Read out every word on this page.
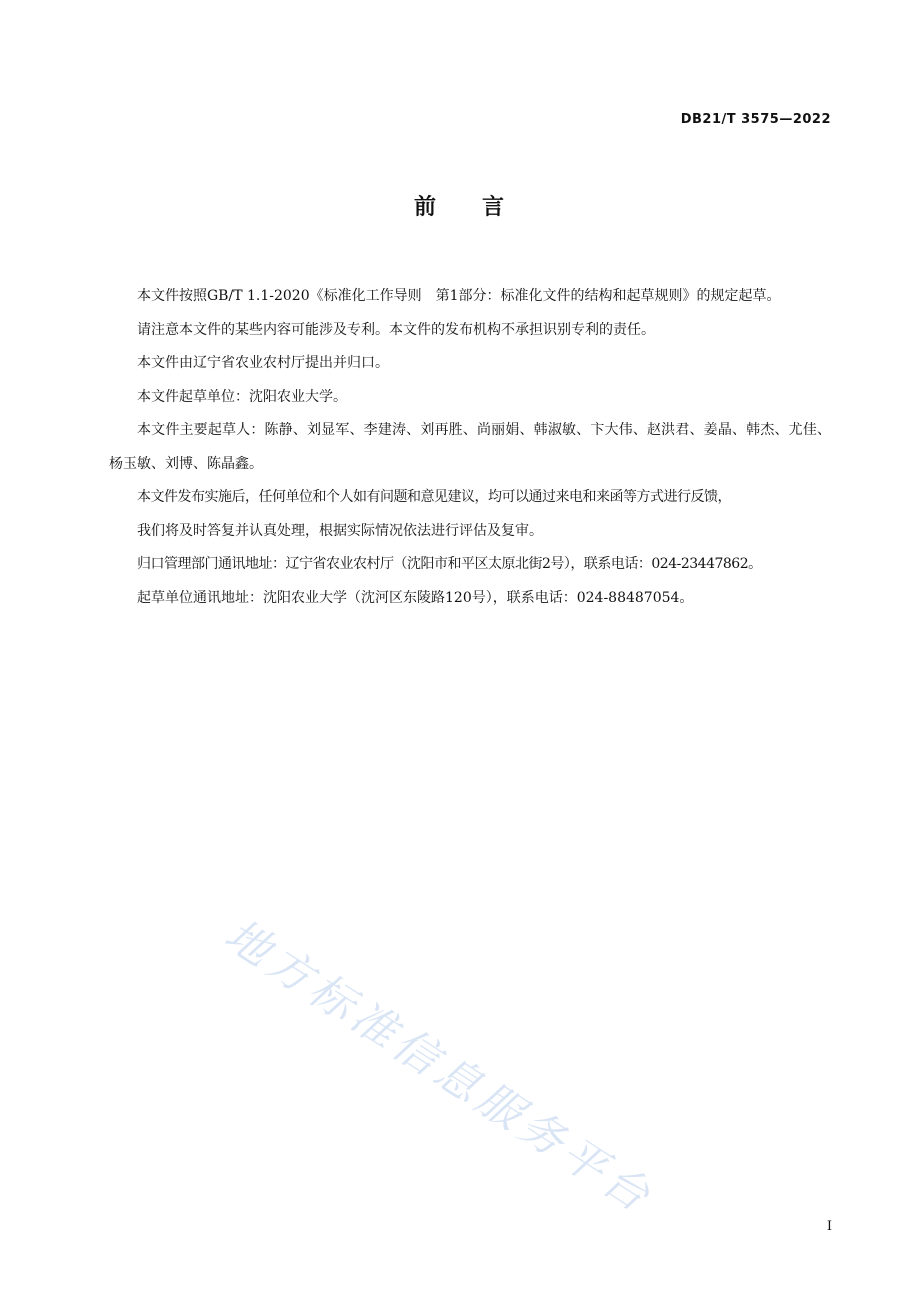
DB21/T 3575—2022
前 言

本文件按照GB/T 1.1-2020《标准化工作导则　第1部分：标准化文件的结构和起草规则》的规定起草。

请注意本文件的某些内容可能涉及专利。本文件的发布机构不承担识别专利的责任。

本文件由辽宁省农业农村厅提出并归口。

本文件起草单位：沈阳农业大学。

本文件主要起草人：陈静、刘显军、李建涛、刘再胜、尚丽娟、韩淑敏、卞大伟、赵洪君、姜晶、韩杰、尤佳、杨玉敏、刘博、陈晶鑫。

本文件发布实施后，任何单位和个人如有问题和意见建议，均可以通过来电和来函等方式进行反馈，

我们将及时答复并认真处理，根据实际情况依法进行评估及复审。

归口管理部门通讯地址：辽宁省农业农村厅（沈阳市和平区太原北街2号），联系电话：024-23447862。

起草单位通讯地址：沈阳农业大学（沈河区东陵路120号），联系电话：024-88487054。

地方标准信息服务平台
I
